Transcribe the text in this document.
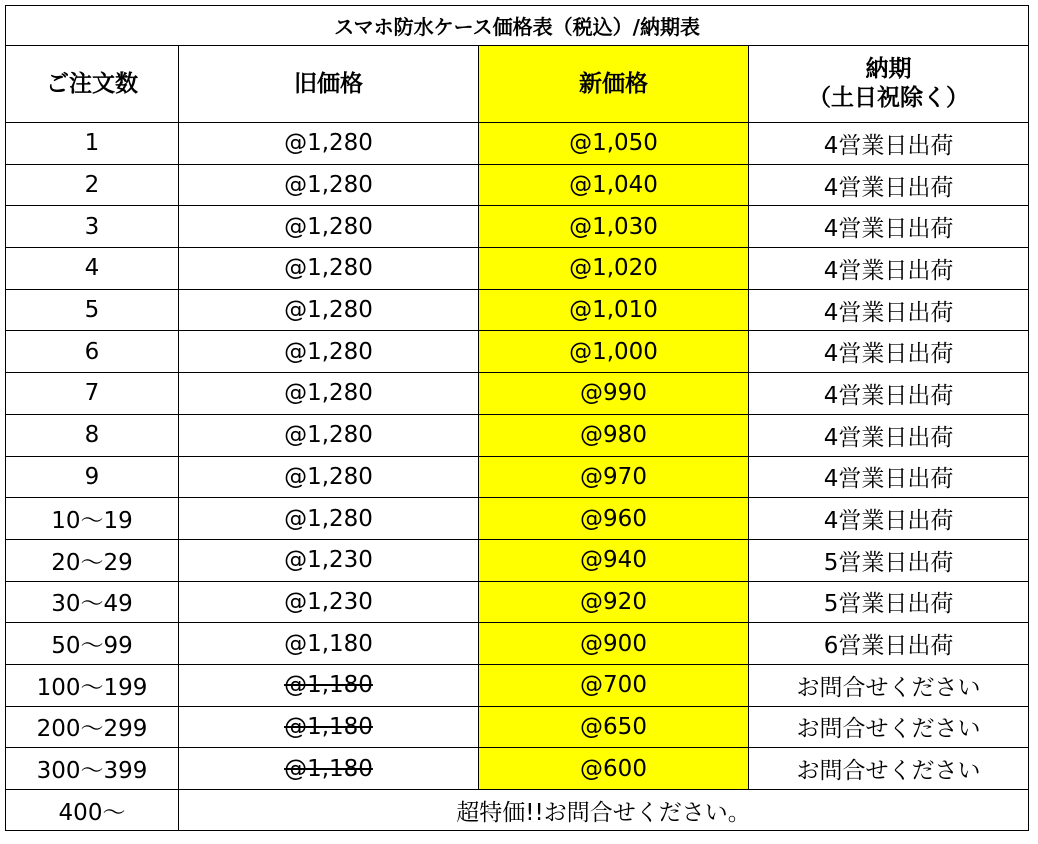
スマホ防水ケース価格表（税込）/納期表			
ご注文数	旧価格	新価格	納期
（土日祝除く）

1	@1,280	@1,050	4営業日出荷
2	@1,280	@1,040	4営業日出荷
3	@1,280	@1,030	4営業日出荷
4	@1,280	@1,020	4営業日出荷
5	@1,280	@1,010	4営業日出荷
6	@1,280	@1,000	4営業日出荷
7	@1,280	@990	4営業日出荷
8	@1,280	@980	4営業日出荷
9	@1,280	@970	4営業日出荷
10～19	@1,280	@960	4営業日出荷
20～29	@1,230	@940	5営業日出荷
30～49	@1,230	@920	5営業日出荷
50～99	@1,180	@900	6営業日出荷
100～199	@1,180	@700	お問合せください
200～299	@1,180	@650	お問合せください
300～399	@1,180	@600	お問合せください
400～	超特価!!お問合せください。		
